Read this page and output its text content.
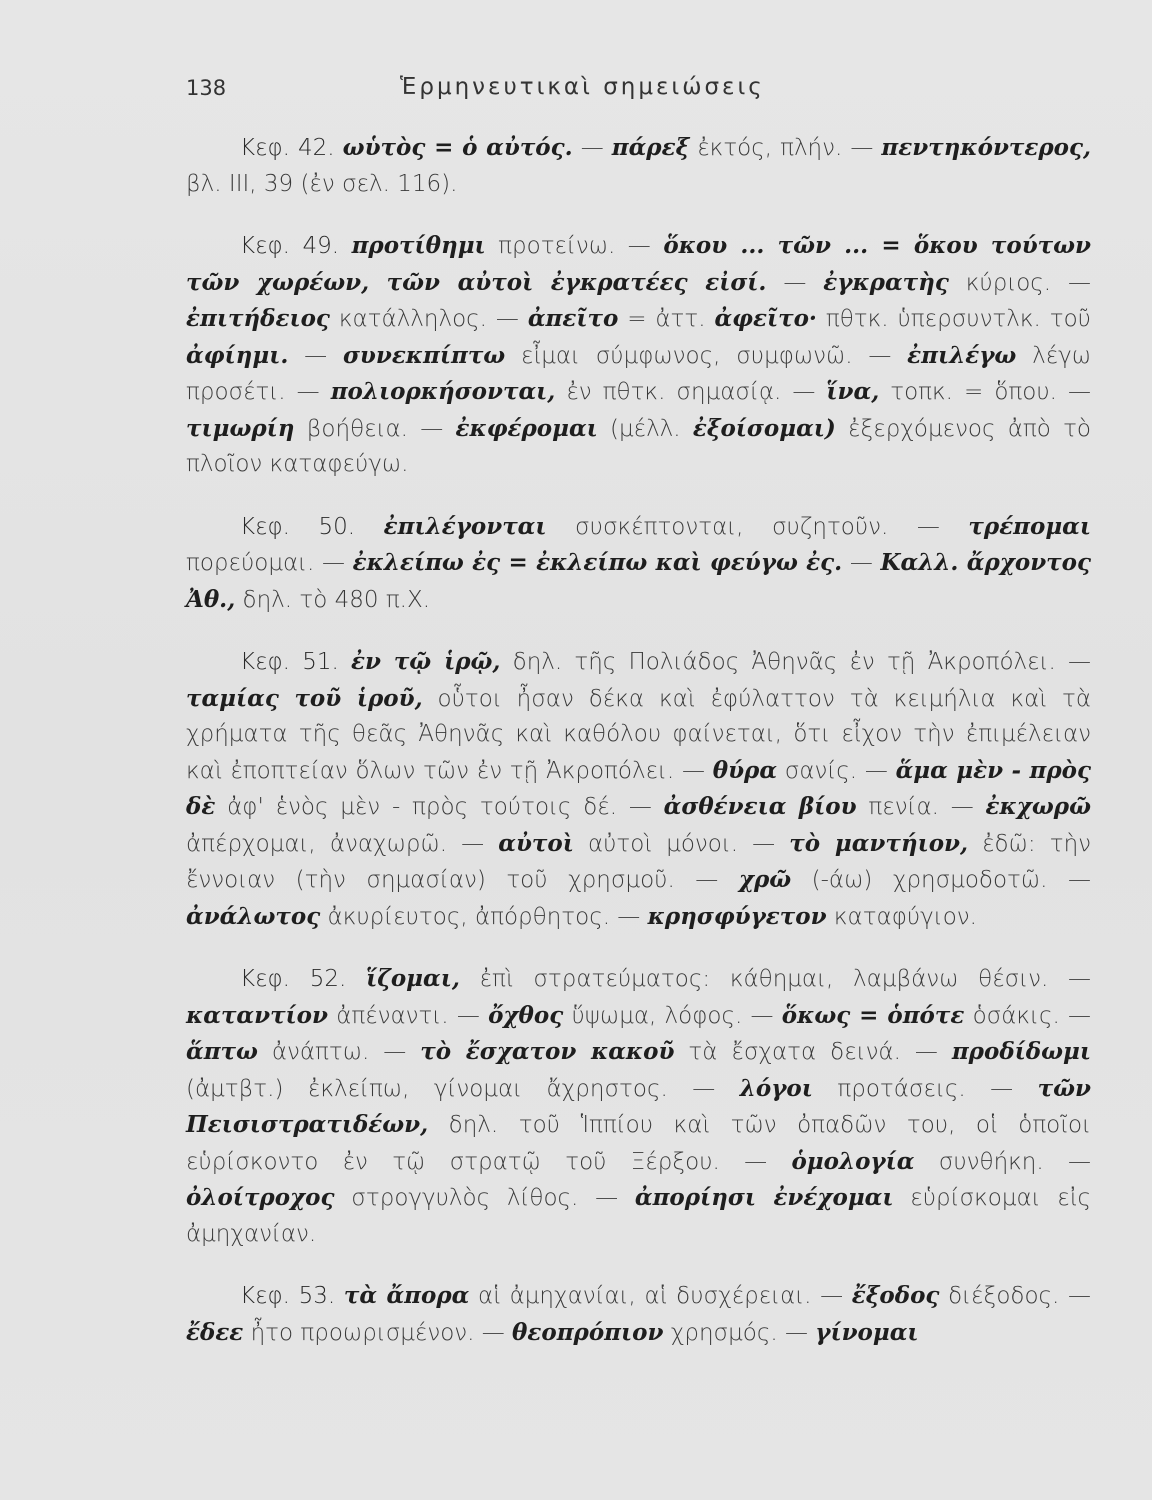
138	Ἑρμηνευτικαὶ σημειώσεις

Κεφ. 42. ωὑτὸς = ὁ αὐτός. — πάρεξ ἐκτός, πλήν. — πεντηκόντερος, βλ. III, 39 (ἐν σελ. 116).

Κεφ. 49. προτίθημι προτείνω. — ὅκου ... τῶν ... = ὅκου τούτων τῶν χωρέων, τῶν αὐτοὶ ἐγκρατέες εἰσί. — ἐγκρατὴς κύριος. — ἐπιτήδειος κατάλληλος. — ἀπεῖτο = ἀττ. ἀφεῖτο· πθτκ. ὑπερσυντλκ. τοῦ ἀφίημι. — συνεκπίπτω εἶμαι σύμφωνος, συμφωνῶ. — ἐπιλέγω λέγω προσέτι. — πολιορκήσονται, ἐν πθτκ. σημασίᾳ. — ἵνα, τοπκ. = ὅπου. — τιμωρίη βοήθεια. — ἐκφέρομαι (μέλλ. ἐξοίσομαι) ἐξερχόμενος ἀπὸ τὸ πλοῖον καταφεύγω.

Κεφ. 50. ἐπιλέγονται συσκέπτονται, συζητοῦν. — τρέπομαι πορεύομαι. — ἐκλείπω ἐς = ἐκλείπω καὶ φεύγω ἐς. — Καλλ. ἄρχοντος Ἀθ., δηλ. τὸ 480 π.Χ.

Κεφ. 51. ἐν τῷ ἱρῷ, δηλ. τῆς Πολιάδος Ἀθηνᾶς ἐν τῇ Ἀκροπόλει. — ταμίας τοῦ ἱροῦ, οὗτοι ἦσαν δέκα καὶ ἐφύλαττον τὰ κειμήλια καὶ τὰ χρήματα τῆς θεᾶς Ἀθηνᾶς καὶ καθόλου φαίνεται, ὅτι εἶχον τὴν ἐπιμέλειαν καὶ ἐποπτείαν ὅλων τῶν ἐν τῇ Ἀκροπόλει. — θύρα σανίς. — ἅμα μὲν - πρὸς δὲ ἀφ' ἑνὸς μὲν - πρὸς τούτοις δέ. — ἀσθένεια βίου πενία. — ἐκχωρῶ ἀπέρχομαι, ἀναχωρῶ. — αὐτοὶ αὐτοὶ μόνοι. — τὸ μαντήιον, ἐδῶ: τὴν ἔννοιαν (τὴν σημασίαν) τοῦ χρησμοῦ. — χρῶ (-άω) χρησμοδοτῶ. — ἀνάλωτος ἀκυρίευτος, ἀπόρθητος. — κρησφύγετον καταφύγιον.

Κεφ. 52. ἵζομαι, ἐπὶ στρατεύματος: κάθημαι, λαμβάνω θέσιν. — καταντίον ἀπέναντι. — ὄχθος ὕψωμα, λόφος. — ὅκως = ὁπότε ὁσάκις. — ἅπτω ἀνάπτω. — τὸ ἔσχατον κακοῦ τὰ ἔσχατα δεινά. — προδίδωμι (ἀμτβτ.) ἐκλείπω, γίνομαι ἄχρηστος. — λόγοι προτάσεις. — τῶν Πεισιστρατιδέων, δηλ. τοῦ Ἱππίου καὶ τῶν ὀπαδῶν του, οἱ ὁποῖοι εὑρίσκοντο ἐν τῷ στρατῷ τοῦ Ξέρξου. — ὁμολογία συνθήκη. — ὀλοίτροχος στρογγυλὸς λίθος. — ἀπορίησι ἐνέχομαι εὑρίσκομαι εἰς ἀμηχανίαν.

Κεφ. 53. τὰ ἄπορα αἱ ἀμηχανίαι, αἱ δυσχέρειαι. — ἔξοδος διέξοδος. — ἔδεε ἦτο προωρισμένον. — θεοπρόπιον χρησμός. — γίνομαι
